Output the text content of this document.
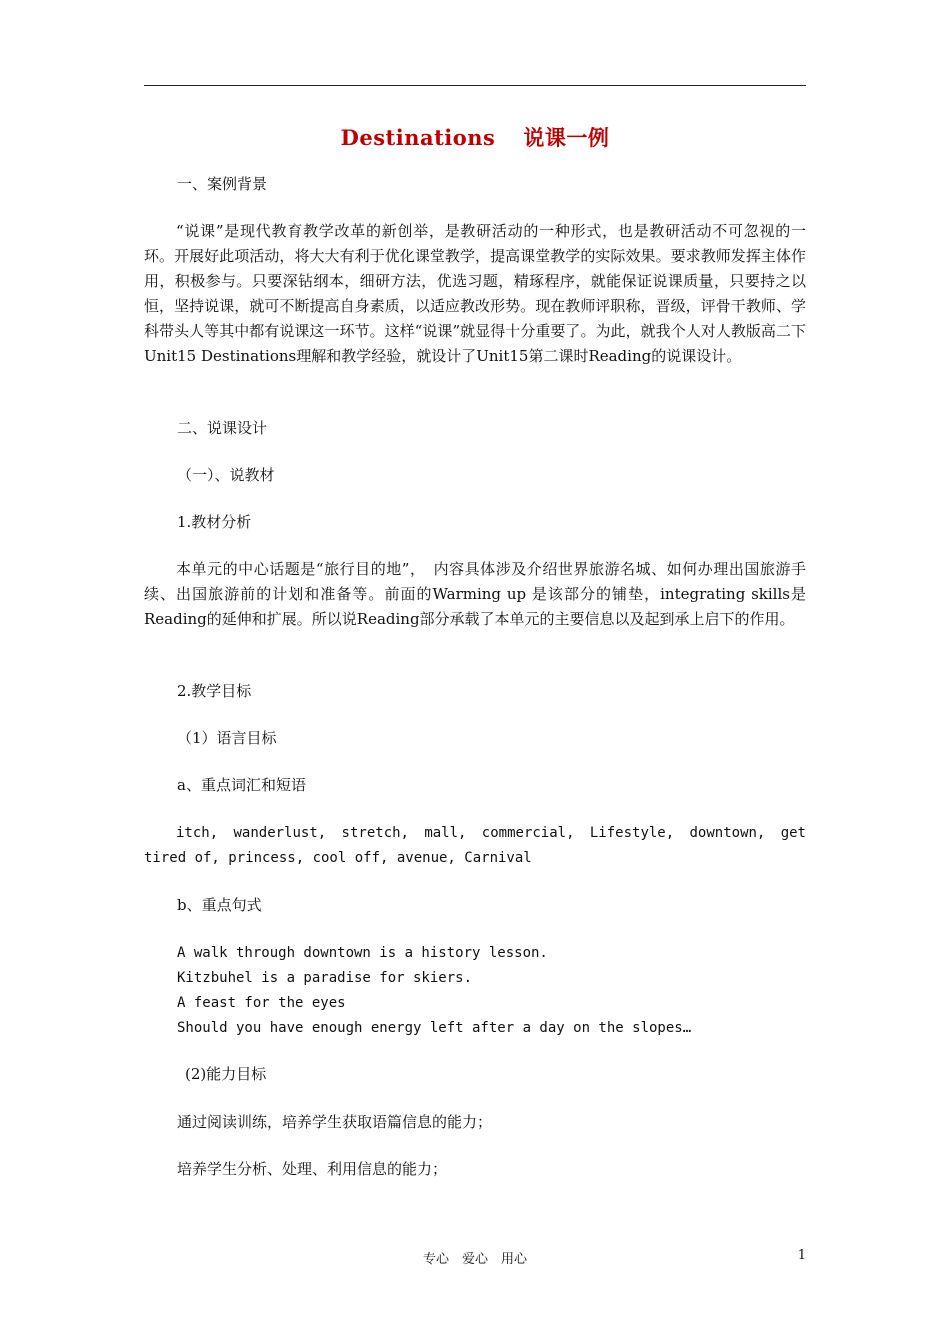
Destinations 说课一例

一、案例背景

“说课”是现代教育教学改革的新创举，是教研活动的一种形式，也是教研活动不可忽视的一环。开展好此项活动，将大大有利于优化课堂教学，提高课堂教学的实际效果。要求教师发挥主体作用，积极参与。只要深钻纲本，细研方法，优选习题，精琢程序，就能保证说课质量，只要持之以恒，坚持说课，就可不断提高自身素质，以适应教改形势。现在教师评职称，晋级，评骨干教师、学科带头人等其中都有说课这一环节。这样“说课”就显得十分重要了。为此，就我个人对人教版高二下Unit15 Destinations理解和教学经验，就设计了Unit15第二课时Reading的说课设计。

二、说课设计

（一）、说教材

1.教材分析

本单元的中心话题是“旅行目的地”，　内容具体涉及介绍世界旅游名城、如何办理出国旅游手续、出国旅游前的计划和准备等。前面的Warming up 是该部分的铺垫，integrating skills是Reading的延伸和扩展。所以说Reading部分承载了本单元的主要信息以及起到承上启下的作用。

2.教学目标

（1）语言目标

a、重点词汇和短语

itch, wanderlust, stretch, mall, commercial, Lifestyle, downtown, get tired of, princess, cool off, avenue, Carnival

b、重点句式

A walk through downtown is a history lesson.
Kitzbuhel is a paradise for skiers.
A feast for the eyes
Should you have enough energy left after a day on the slopes…

(2)能力目标

通过阅读训练，培养学生获取语篇信息的能力；

培养学生分析、处理、利用信息的能力；

专心　爱心　用心	1
